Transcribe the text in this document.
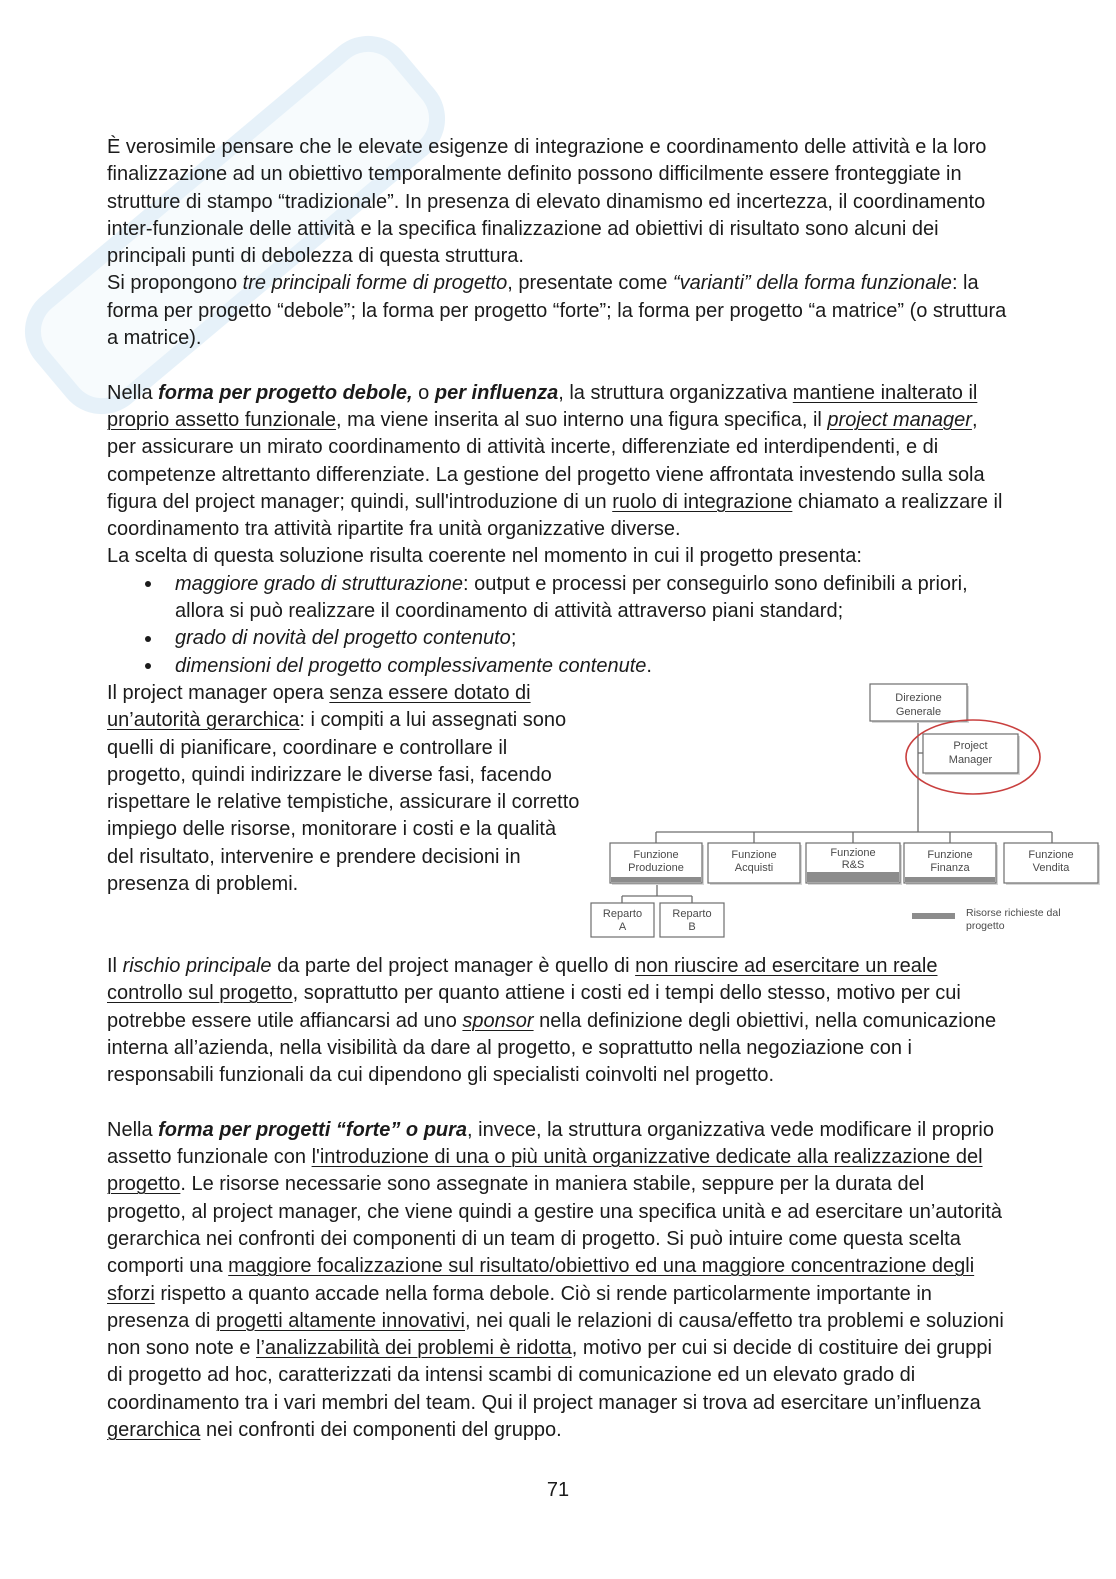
È verosimile pensare che le elevate esigenze di integrazione e coordinamento delle attività e la loro finalizzazione ad un obiettivo temporalmente definito possono difficilmente essere fronteggiate in strutture di stampo “tradizionale”. In presenza di elevato dinamismo ed incertezza, il coordinamento inter-funzionale delle attività e la specifica finalizzazione ad obiettivi di risultato sono alcuni dei principali punti di debolezza di questa struttura.

Si propongono tre principali forme di progetto, presentate come “varianti” della forma funzionale: la forma per progetto “debole”; la forma per progetto “forte”; la forma per progetto “a matrice” (o struttura a matrice).

Nella forma per progetto debole, o per influenza, la struttura organizzativa mantiene inalterato il proprio assetto funzionale, ma viene inserita al suo interno una figura specifica, il project manager, per assicurare un mirato coordinamento di attività incerte, differenziate ed interdipendenti, e di competenze altrettanto differenziate. La gestione del progetto viene affrontata investendo sulla sola figura del project manager; quindi, sull'introduzione di un ruolo di integrazione chiamato a realizzare il coordinamento tra attività ripartite fra unità organizzative diverse.

La scelta di questa soluzione risulta coerente nel momento in cui il progetto presenta:

maggiore grado di strutturazione: output e processi per conseguirlo sono definibili a priori, allora si può realizzare il coordinamento di attività attraverso piani standard;
grado di novità del progetto contenuto;
dimensioni del progetto complessivamente contenute.

Il project manager opera senza essere dotato di un’autorità gerarchica: i compiti a lui assegnati sono quelli di pianificare, coordinare e controllare il progetto, quindi indirizzare le diverse fasi, facendo rispettare le relative tempistiche, assicurare il corretto impiego delle risorse, monitorare i costi e la qualità del risultato, intervenire e prendere decisioni in presenza di problemi.

Direzione
Generale
Project
Manager
Funzione
Produzione
Funzione
Acquisti
Funzione
R&S
Funzione
Finanza
Funzione
Vendita
Reparto
A
Reparto
B
Risorse richieste dal
progetto

Il rischio principale da parte del project manager è quello di non riuscire ad esercitare un reale controllo sul progetto, soprattutto per quanto attiene i costi ed i tempi dello stesso, motivo per cui potrebbe essere utile affiancarsi ad uno sponsor nella definizione degli obiettivi, nella comunicazione interna all’azienda, nella visibilità da dare al progetto, e soprattutto nella negoziazione con i responsabili funzionali da cui dipendono gli specialisti coinvolti nel progetto.

Nella forma per progetti “forte” o pura, invece, la struttura organizzativa vede modificare il proprio assetto funzionale con l'introduzione di una o più unità organizzative dedicate alla realizzazione del progetto. Le risorse necessarie sono assegnate in maniera stabile, seppure per la durata del progetto, al project manager, che viene quindi a gestire una specifica unità e ad esercitare un’autorità gerarchica nei confronti dei componenti di un team di progetto. Si può intuire come questa scelta comporti una maggiore focalizzazione sul risultato/obiettivo ed una maggiore concentrazione degli sforzi rispetto a quanto accade nella forma debole. Ciò si rende particolarmente importante in presenza di progetti altamente innovativi, nei quali le relazioni di causa/effetto tra problemi e soluzioni non sono note e l’analizzabilità dei problemi è ridotta, motivo per cui si decide di costituire dei gruppi di progetto ad hoc, caratterizzati da intensi scambi di comunicazione ed un elevato grado di coordinamento tra i vari membri del team. Qui il project manager si trova ad esercitare un’influenza gerarchica nei confronti dei componenti del gruppo.

71
